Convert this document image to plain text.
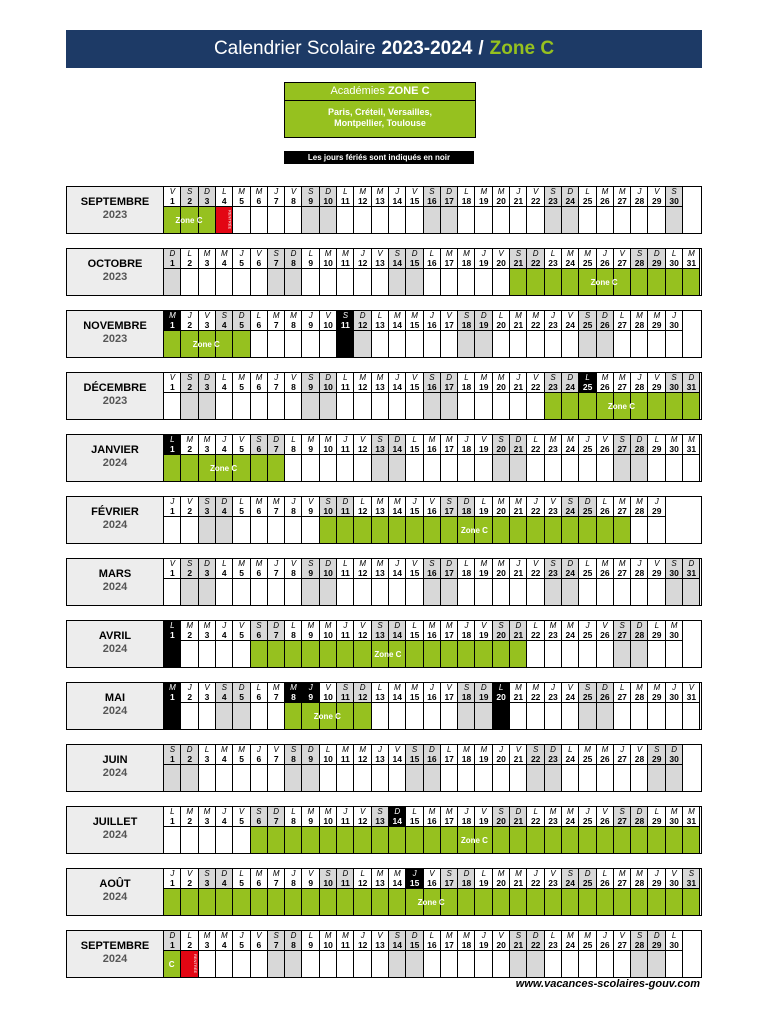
Calendrier Scolaire 2023-2024 / Zone C
Académies ZONE C
Paris, Créteil, Versailles,
Montpellier, Toulouse
Les jours fériés sont indiqués en noir
SEPTEMBRE
2023
V
1
S
2
D
3
L
4
RENTRÉE
M
5
M
6
J
7
V
8
S
9
D
10
L
11
M
12
M
13
J
14
V
15
S
16
D
17
L
18
M
19
M
20
J
21
V
22
S
23
D
24
L
25
M
26
M
27
J
28
V
29
S
30
Zone C
OCTOBRE
2023
D
1
L
2
M
3
M
4
J
5
V
6
S
7
D
8
L
9
M
10
M
11
J
12
V
13
S
14
D
15
L
16
M
17
M
18
J
19
V
20
S
21
D
22
L
23
M
24
M
25
J
26
V
27
S
28
D
29
L
30
M
31
Zone C
NOVEMBRE
2023
M
1
J
2
V
3
S
4
D
5
L
6
M
7
M
8
J
9
V
10
S
11
D
12
L
13
M
14
M
15
J
16
V
17
S
18
D
19
L
20
M
21
M
22
J
23
V
24
S
25
D
26
L
27
M
28
M
29
J
30
Zone C
DÉCEMBRE
2023
V
1
S
2
D
3
L
4
M
5
M
6
J
7
V
8
S
9
D
10
L
11
M
12
M
13
J
14
V
15
S
16
D
17
L
18
M
19
M
20
J
21
V
22
S
23
D
24
L
25
M
26
M
27
J
28
V
29
S
30
D
31
Zone C
JANVIER
2024
L
1
M
2
M
3
J
4
V
5
S
6
D
7
L
8
M
9
M
10
J
11
V
12
S
13
D
14
L
15
M
16
M
17
J
18
V
19
S
20
D
21
L
22
M
23
M
24
J
25
V
26
S
27
D
28
L
29
M
30
M
31
Zone C
FÉVRIER
2024
J
1
V
2
S
3
D
4
L
5
M
6
M
7
J
8
V
9
S
10
D
11
L
12
M
13
M
14
J
15
V
16
S
17
D
18
L
19
M
20
M
21
J
22
V
23
S
24
D
25
L
26
M
27
M
28
J
29
Zone C
MARS
2024
V
1
S
2
D
3
L
4
M
5
M
6
J
7
V
8
S
9
D
10
L
11
M
12
M
13
J
14
V
15
S
16
D
17
L
18
M
19
M
20
J
21
V
22
S
23
D
24
L
25
M
26
M
27
J
28
V
29
S
30
D
31
AVRIL
2024
L
1
M
2
M
3
J
4
V
5
S
6
D
7
L
8
M
9
M
10
J
11
V
12
S
13
D
14
L
15
M
16
M
17
J
18
V
19
S
20
D
21
L
22
M
23
M
24
J
25
V
26
S
27
D
28
L
29
M
30
Zone C
MAI
2024
M
1
J
2
V
3
S
4
D
5
L
6
M
7
M
8
J
9
V
10
S
11
D
12
L
13
M
14
M
15
J
16
V
17
S
18
D
19
L
20
M
21
M
22
J
23
V
24
S
25
D
26
L
27
M
28
M
29
J
30
V
31
Zone C
JUIN
2024
S
1
D
2
L
3
M
4
M
5
J
6
V
7
S
8
D
9
L
10
M
11
M
12
J
13
V
14
S
15
D
16
L
17
M
18
M
19
J
20
V
21
S
22
D
23
L
24
M
25
M
26
J
27
V
28
S
29
D
30
JUILLET
2024
L
1
M
2
M
3
J
4
V
5
S
6
D
7
L
8
M
9
M
10
J
11
V
12
S
13
D
14
L
15
M
16
M
17
J
18
V
19
S
20
D
21
L
22
M
23
M
24
J
25
V
26
S
27
D
28
L
29
M
30
M
31
Zone C
AOÛT
2024
J
1
V
2
S
3
D
4
L
5
M
6
M
7
J
8
V
9
S
10
D
11
L
12
M
13
M
14
J
15
V
16
S
17
D
18
L
19
M
20
M
21
J
22
V
23
S
24
D
25
L
26
M
27
M
28
J
29
V
30
S
31
Zone C
SEPTEMBRE
2024
D
1
L
2
RENTRÉE
M
3
M
4
J
5
V
6
S
7
D
8
L
9
M
10
M
11
J
12
V
13
S
14
D
15
L
16
M
17
M
18
J
19
V
20
S
21
D
22
L
23
M
24
M
25
J
26
V
27
S
28
D
29
L
30
C
www.vacances-scolaires-gouv.com
